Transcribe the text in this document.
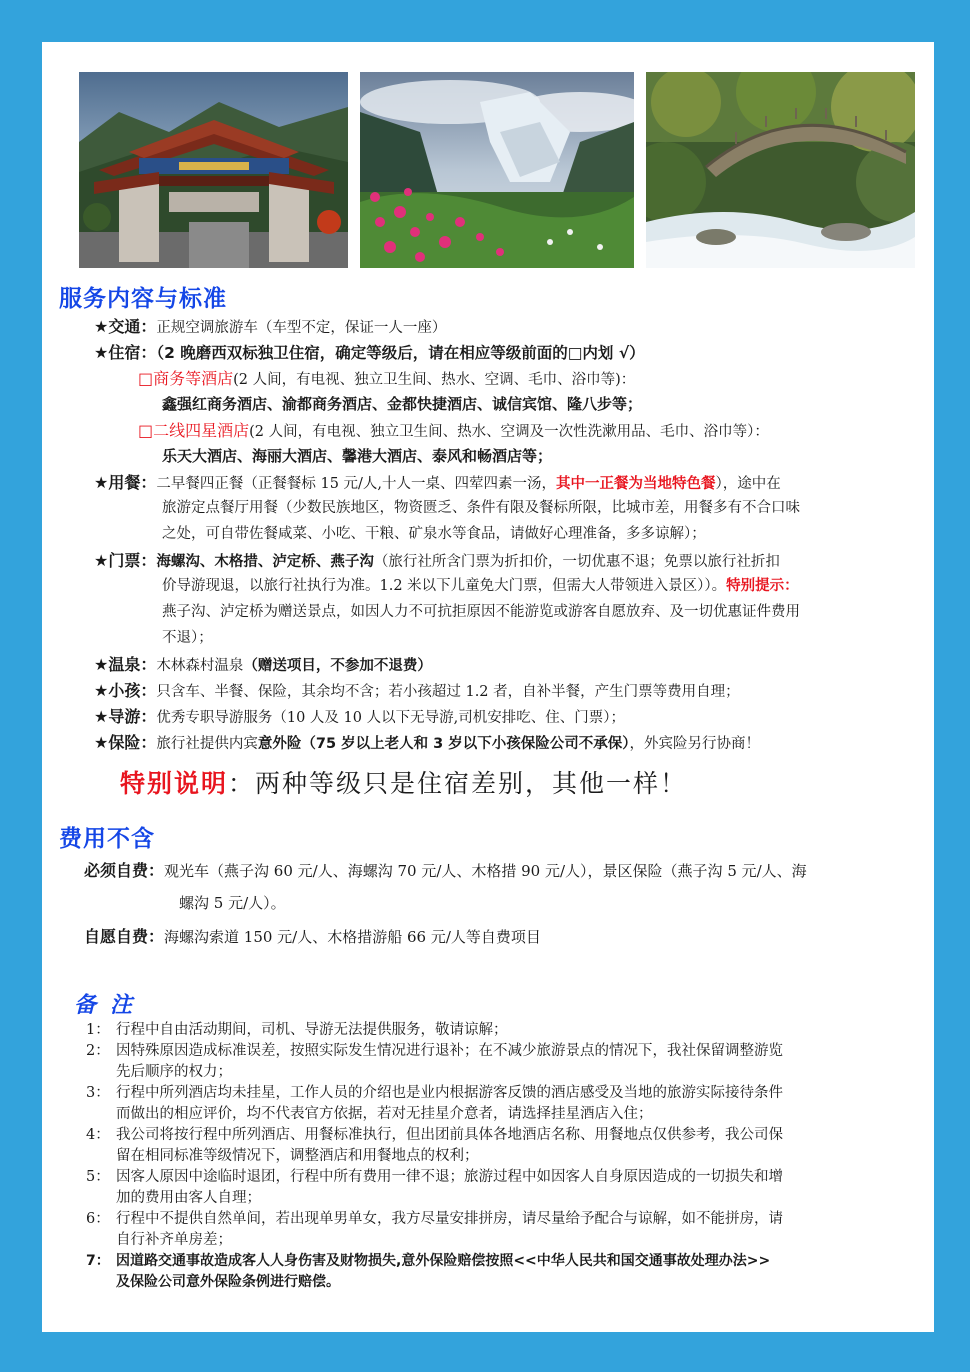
服务内容与标准
★交通：正规空调旅游车（车型不定，保证一人一座）
★住宿：（2 晚磨西双标独卫住宿，确定等级后，请在相应等级前面的□内划 √）
□商务等酒店(2 人间，有电视、独立卫生间、热水、空调、毛巾、浴巾等)：
鑫强红商务酒店、渝都商务酒店、金都快捷酒店、诚信宾馆、隆八步等；
□二线四星酒店(2 人间，有电视、独立卫生间、热水、空调及一次性洗漱用品、毛巾、浴巾等）：
乐天大酒店、海丽大酒店、馨港大酒店、泰风和畅酒店等；
★用餐：二早餐四正餐（正餐餐标 15 元/人,十人一桌、四荤四素一汤，其中一正餐为当地特色餐），途中在
旅游定点餐厅用餐（少数民族地区，物资匮乏、条件有限及餐标所限，比城市差，用餐多有不合口味
之处，可自带佐餐咸菜、小吃、干粮、矿泉水等食品，请做好心理准备，多多谅解）；
★门票：海螺沟、木格措、泸定桥、燕子沟（旅行社所含门票为折扣价，一切优惠不退；免票以旅行社折扣
价导游现退，以旅行社执行为准。1.2 米以下儿童免大门票，但需大人带领进入景区））。特别提示：
燕子沟、泸定桥为赠送景点，如因人力不可抗拒原因不能游览或游客自愿放弃、及一切优惠证件费用
不退）；
★温泉：木林森村温泉（赠送项目，不参加不退费）
★小孩：只含车、半餐、保险，其余均不含；若小孩超过 1.2 者，自补半餐，产生门票等费用自理；
★导游：优秀专职导游服务（10 人及 10 人以下无导游,司机安排吃、住、门票）；
★保险：旅行社提供内宾意外险（75 岁以上老人和 3 岁以下小孩保险公司不承保），外宾险另行协商！
特别说明：两种等级只是住宿差别，其他一样！
费用不含
必须自费：观光车（燕子沟 60 元/人、海螺沟 70 元/人、木格措 90 元/人），景区保险（燕子沟 5 元/人、海
螺沟 5 元/人）。
自愿自费：海螺沟索道 150 元/人、木格措游船 66 元/人等自费项目
备注
1： 行程中自由活动期间，司机、导游无法提供服务，敬请谅解；
2： 因特殊原因造成标准误差，按照实际发生情况进行退补；在不减少旅游景点的情况下，我社保留调整游览
先后顺序的权力；
3： 行程中所列酒店均未挂星，工作人员的介绍也是业内根据游客反馈的酒店感受及当地的旅游实际接待条件
而做出的相应评价，均不代表官方依据，若对无挂星介意者，请选择挂星酒店入住；
4： 我公司将按行程中所列酒店、用餐标准执行，但出团前具体各地酒店名称、用餐地点仅供参考，我公司保
留在相同标准等级情况下，调整酒店和用餐地点的权利；
5： 因客人原因中途临时退团，行程中所有费用一律不退；旅游过程中如因客人自身原因造成的一切损失和增
加的费用由客人自理；
6： 行程中不提供自然单间，若出现单男单女，我方尽量安排拼房，请尽量给予配合与谅解，如不能拼房，请
自行补齐单房差；
7： 因道路交通事故造成客人人身伤害及财物损失,意外保险赔偿按照<<中华人民共和国交通事故处理办法>>
及保险公司意外保险条例进行赔偿。
